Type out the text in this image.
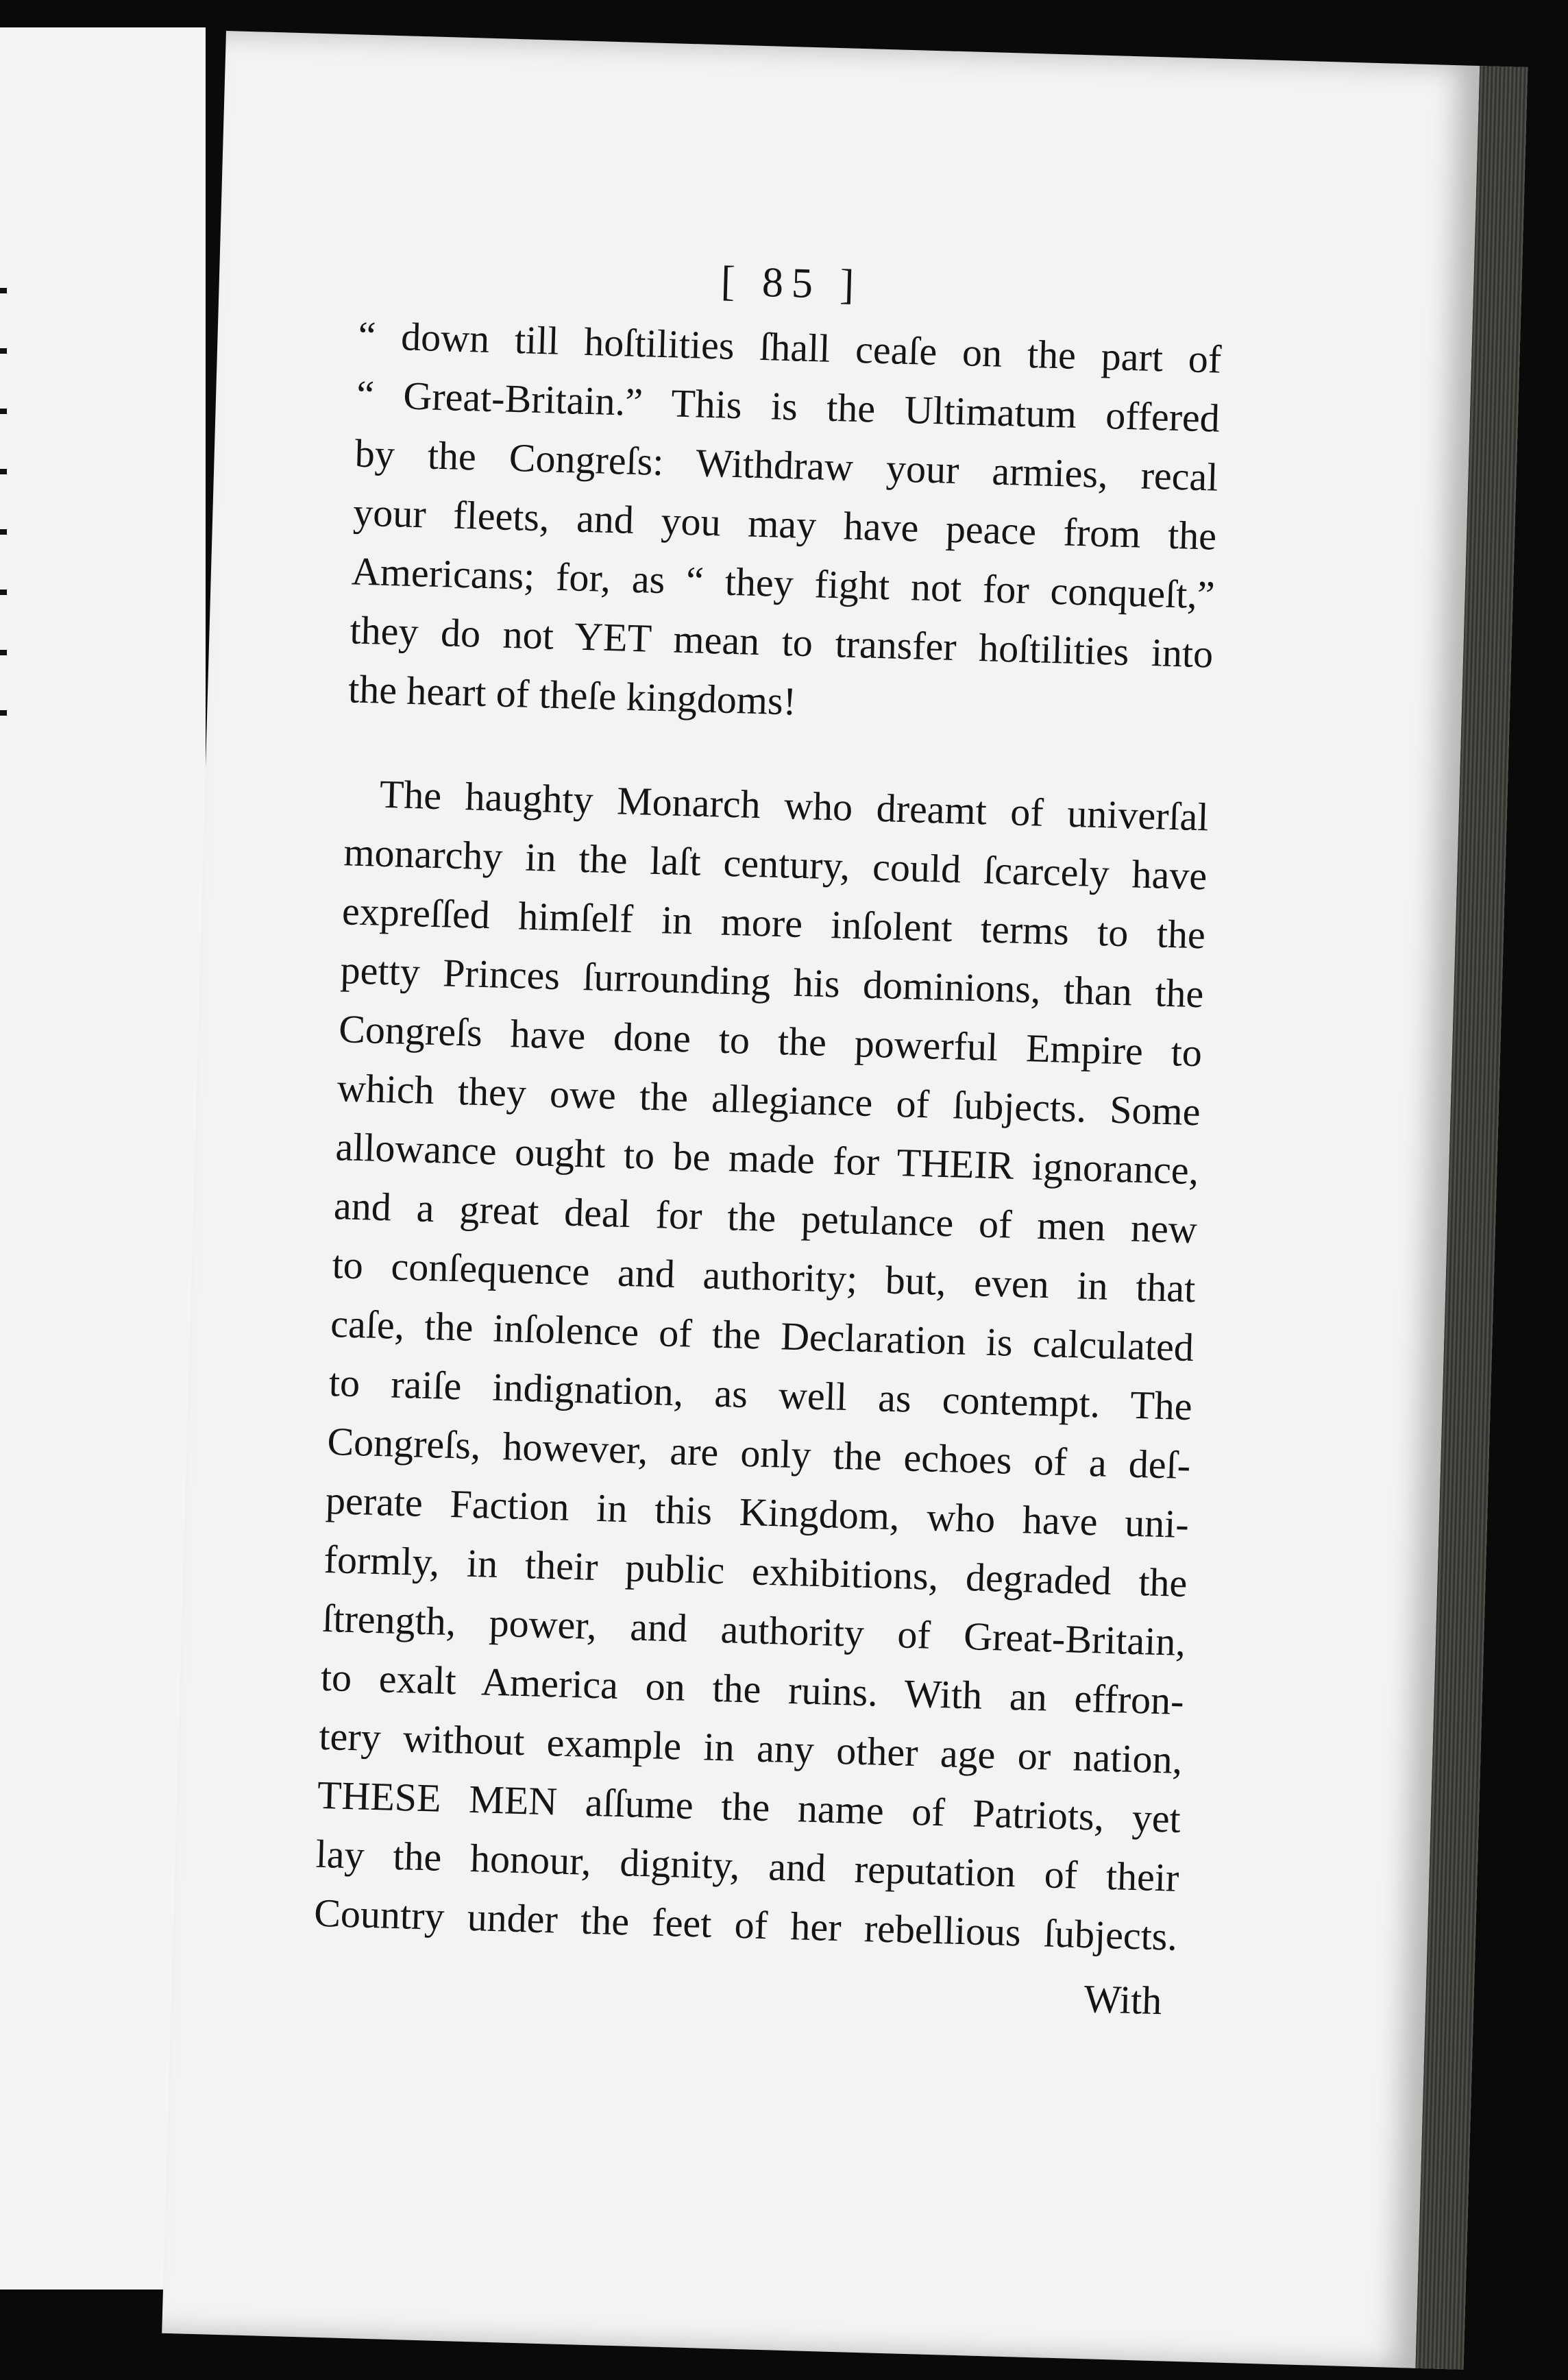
[ 85 ]
“ down till hoſtilities ſhall ceaſe on the part of
“ Great-Britain.” This is the Ultimatum offered
by the Congreſs: Withdraw your armies, recal
your fleets, and you may have peace from the
Americans; for, as “ they fight not for conqueſt,”
they do not YET mean to transfer hoſtilities into
the heart of theſe kingdoms!
The haughty Monarch who dreamt of univerſal
monarchy in the laſt century, could ſcarcely have
expreſſed himſelf in more inſolent terms to the
petty Princes ſurrounding his dominions, than the
Congreſs have done to the powerful Empire to
which they owe the allegiance of ſubjects. Some
allowance ought to be made for THEIR ignorance,
and a great deal for the petulance of men new
to conſequence and authority; but, even in that
caſe, the inſolence of the Declaration is calculated
to raiſe indignation, as well as contempt. The
Congreſs, however, are only the echoes of a deſ-
perate Faction in this Kingdom, who have uni-
formly, in their public exhibitions, degraded the
ſtrength, power, and authority of Great-Britain,
to exalt America on the ruins. With an effron-
tery without example in any other age or nation,
THESE MEN aſſume the name of Patriots, yet
lay the honour, dignity, and reputation of their
Country under the feet of her rebellious ſubjects.
With
